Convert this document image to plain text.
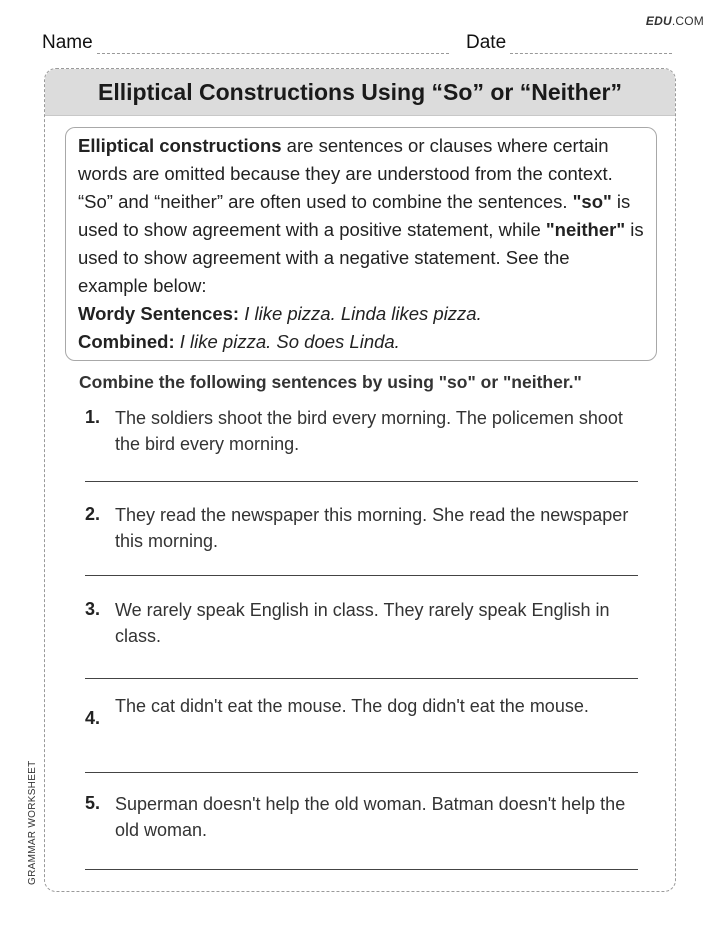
EDU.COM
Name	Date
Elliptical Constructions Using “So” or “Neither”

Elliptical constructions are sentences or clauses where certain words are omitted because they are understood from the context. “So” and “neither” are often used to combine the sentences. "so" is used to show agreement with a positive statement, while "neither" is used to show agreement with a negative statement. See the example below:

Wordy Sentences: I like pizza. Linda likes pizza.

Combined: I like pizza. So does Linda.

Combine the following sentences by using "so" or "neither."
1. The soldiers shoot the bird every morning. The policemen shoot the bird every morning.
2. They read the newspaper this morning. She read the newspaper this morning.
3. We rarely speak English in class. They rarely speak English in class.
4.
The cat didn't eat the mouse. The dog didn't eat the mouse.
5. Superman doesn't help the old woman. Batman doesn't help the old woman.
GRAMMAR WORKSHEET
